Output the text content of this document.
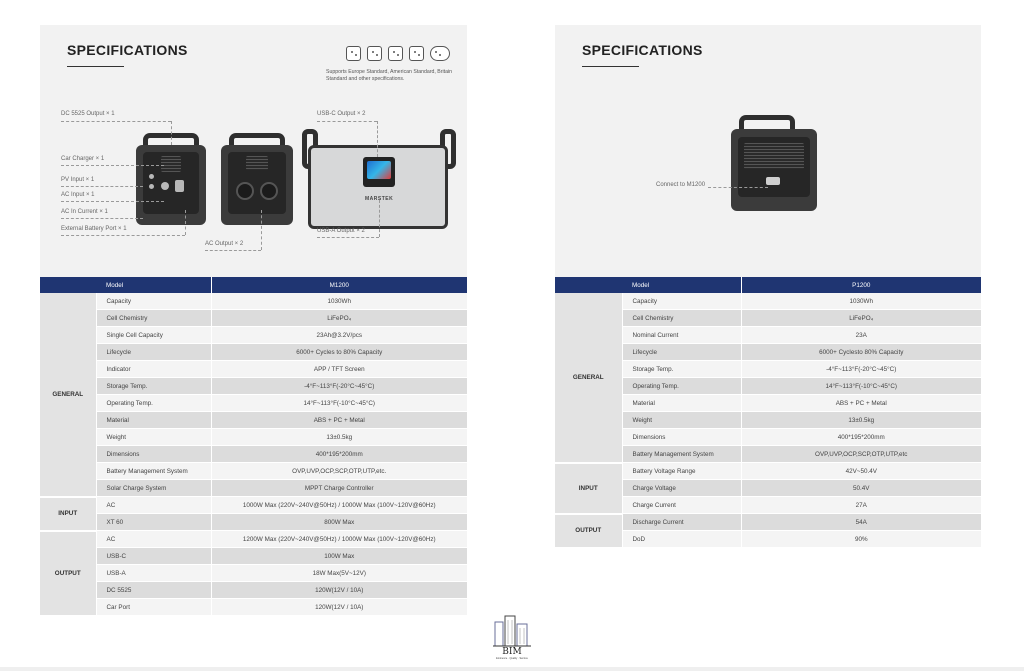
SPECIFICATIONS
Supports Europe Standard, American Standard, Britain Standard and other specifications.
MARSTEK
DC 5525 Output × 1
Car Charger × 1
PV Input × 1
AC Input × 1
AC In Current × 1
External Battery Port × 1
AC Output × 2
USB-C Output × 2
USB-A Output × 2
SPECIFICATIONS
Connect to M1200
	Model	M1200
GENERAL	Capacity	1030Wh
	Cell Chemistry	LiFePO₄
	Single Cell Capacity	23Ah@3.2V/pcs
	Lifecycle	6000+ Cycles to 80% Capacity
	Indicator	APP / TFT Screen
	Storage Temp.	-4°F~113°F(-20°C~45°C)
	Operating Temp.	14°F~113°F(-10°C~45°C)
	Material	ABS + PC + Metal
	Weight	13±0.5kg
	Dimensions	400*195*200mm
	Battery Management System	OVP,UVP,OCP,SCP,OTP,UTP,etc.
	Solar Charge System	MPPT Charge Controller
INPUT	AC	1000W Max (220V~240V@50Hz) / 1000W Max (100V~120V@60Hz)
	XT 60	800W Max
OUTPUT	AC	1200W Max (220V~240V@50Hz) / 1000W Max (100V~120V@60Hz)
	USB-C	100W Max
	USB-A	18W Max(5V~12V)
	DC 5525	120W(12V / 10A)
	Car Port	120W(12V / 10A)
	Model	P1200
GENERAL	Capacity	1030Wh
	Cell Chemistry	LiFePO₄
	Nominal Current	23A
	Lifecycle	6000+ Cyclesto 80% Capacity
	Storage Temp.	-4°F~113°F(-20°C~45°C)
	Operating Temp.	14°F~113°F(-10°C~45°C)
	Material	ABS + PC + Metal
	Weight	13±0.5kg
	Dimensions	400*195*200mm
	Battery Management System	OVP,UVP,OCP,SCP,OTP,UTP,etc
INPUT	Battery Voltage Range	42V~50.4V
	Charge Voltage	50.4V
	Charge Current	27A
OUTPUT	Discharge Current	54A
	DoD	90%
BIM
Eminence · Quality · Service
